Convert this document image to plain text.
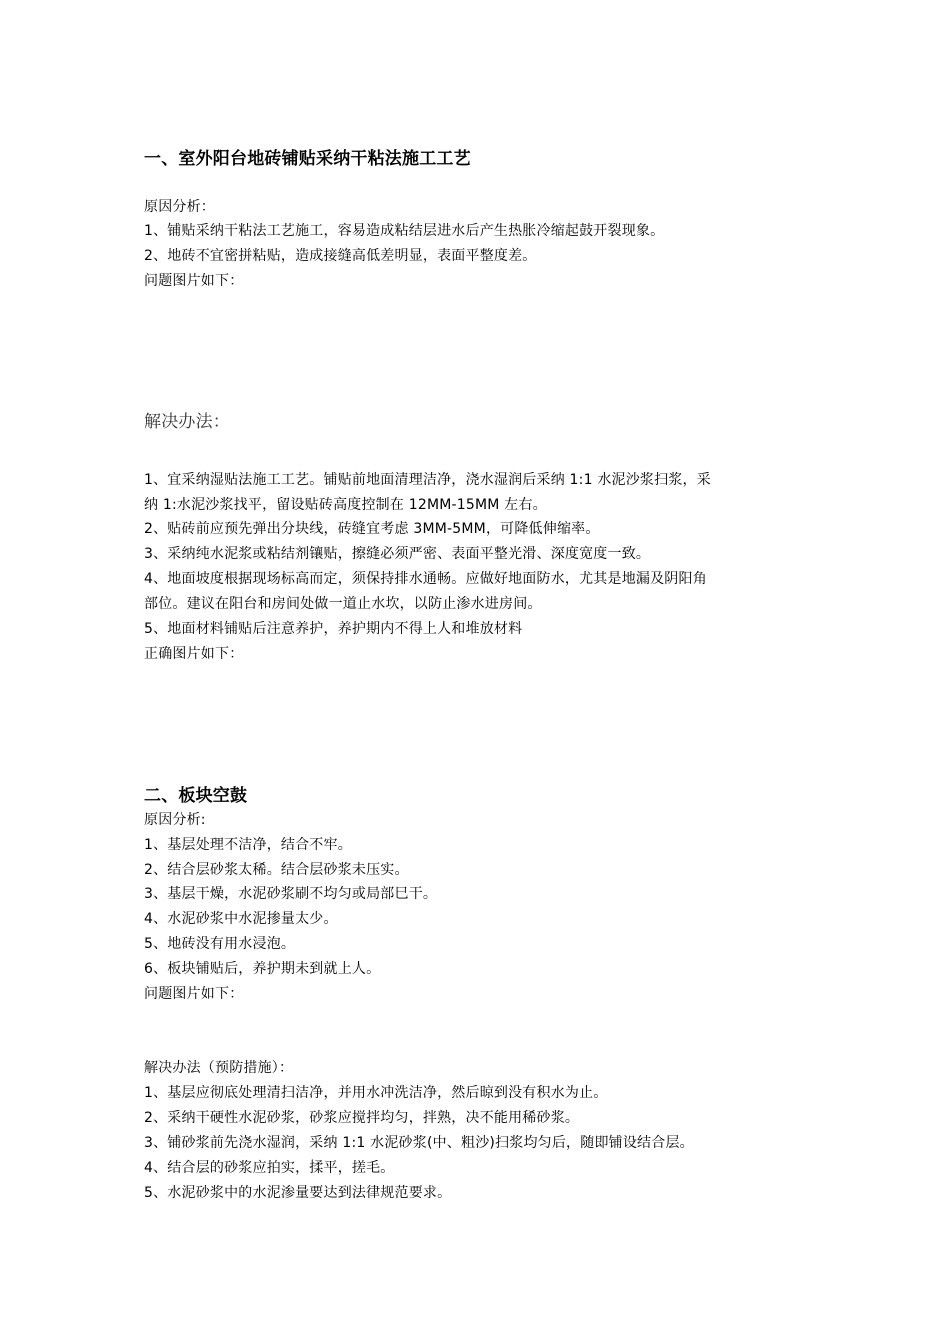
一、室外阳台地砖铺贴采纳干粘法施工工艺
原因分析：
1、铺贴采纳干粘法工艺施工，容易造成粘结层进水后产生热胀冷缩起鼓开裂现象。
2、地砖不宜密拼粘贴，造成接缝高低差明显，表面平整度差。
问题图片如下：
解决办法：
1、宜采纳湿贴法施工工艺。铺贴前地面清理洁净，浇水湿润后采纳 1:1 水泥沙浆扫浆，采
纳 1:水泥沙浆找平，留设贴砖高度控制在 12MM-15MM 左右。
2、贴砖前应预先弹出分块线，砖缝宜考虑 3MM-5MM，可降低伸缩率。
3、采纳纯水泥浆或粘结剂镶贴，擦缝必须严密、表面平整光滑、深度宽度一致。
4、地面坡度根据现场标高而定，须保持排水通畅。应做好地面防水，尤其是地漏及阴阳角
部位。建议在阳台和房间处做一道止水坎，以防止渗水进房间。
5、地面材料铺贴后注意养护，养护期内不得上人和堆放材料
正确图片如下：
二、板块空鼓
原因分析:
1、基层处理不洁净，结合不牢。
2、结合层砂浆太稀。结合层砂浆未压实。
3、基层干燥，水泥砂浆刷不均匀或局部巳干。
4、水泥砂浆中水泥掺量太少。
5、地砖没有用水浸泡。
6、板块铺贴后，养护期未到就上人。
问题图片如下：
解决办法（预防措施）：
1、基层应彻底处理清扫洁净，并用水冲洗洁净，然后晾到没有积水为止。
2、采纳干硬性水泥砂浆，砂浆应搅拌均匀，拌熟，决不能用稀砂浆。
3、铺砂浆前先浇水湿润，采纳 1:1 水泥砂浆(中、粗沙)扫浆均匀后，随即铺设结合层。
4、结合层的砂浆应拍实，揉平，搓毛。
5、水泥砂浆中的水泥渗量要达到法律规范要求。
